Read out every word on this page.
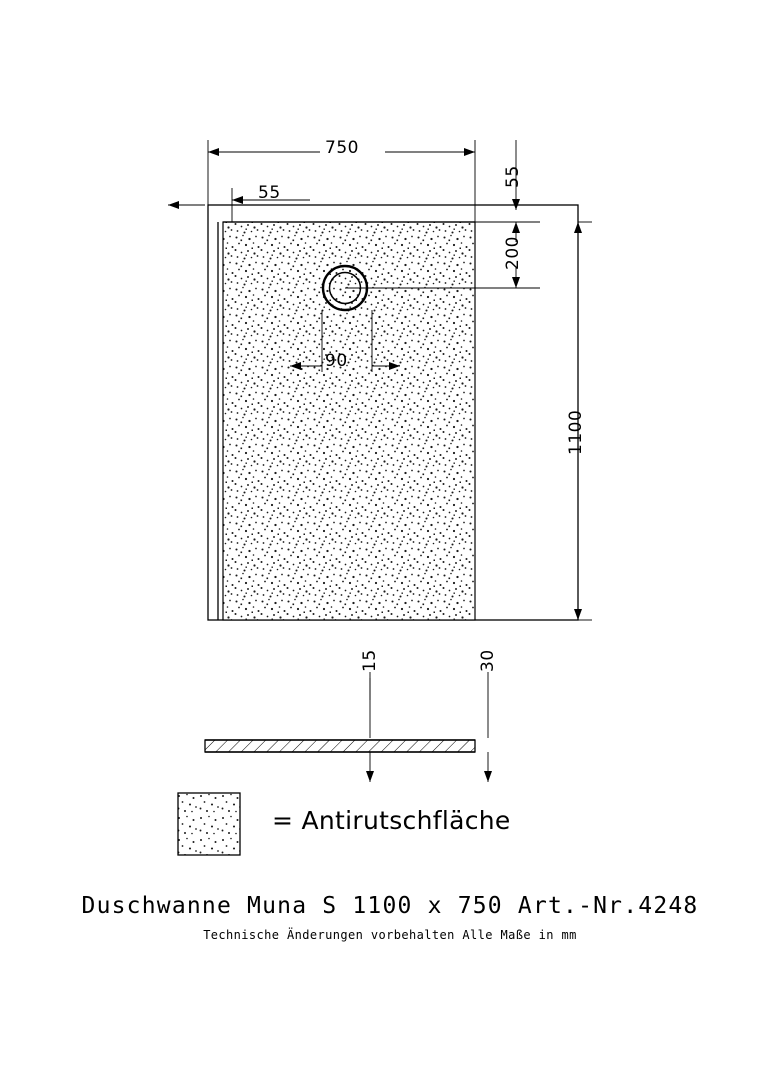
750
55
55
200
1100
90
15	30
= Antirutschfläche
Duschwanne Muna S 1100 x 750 Art.-Nr.4248
Technische Änderungen vorbehalten Alle Maße in mm
